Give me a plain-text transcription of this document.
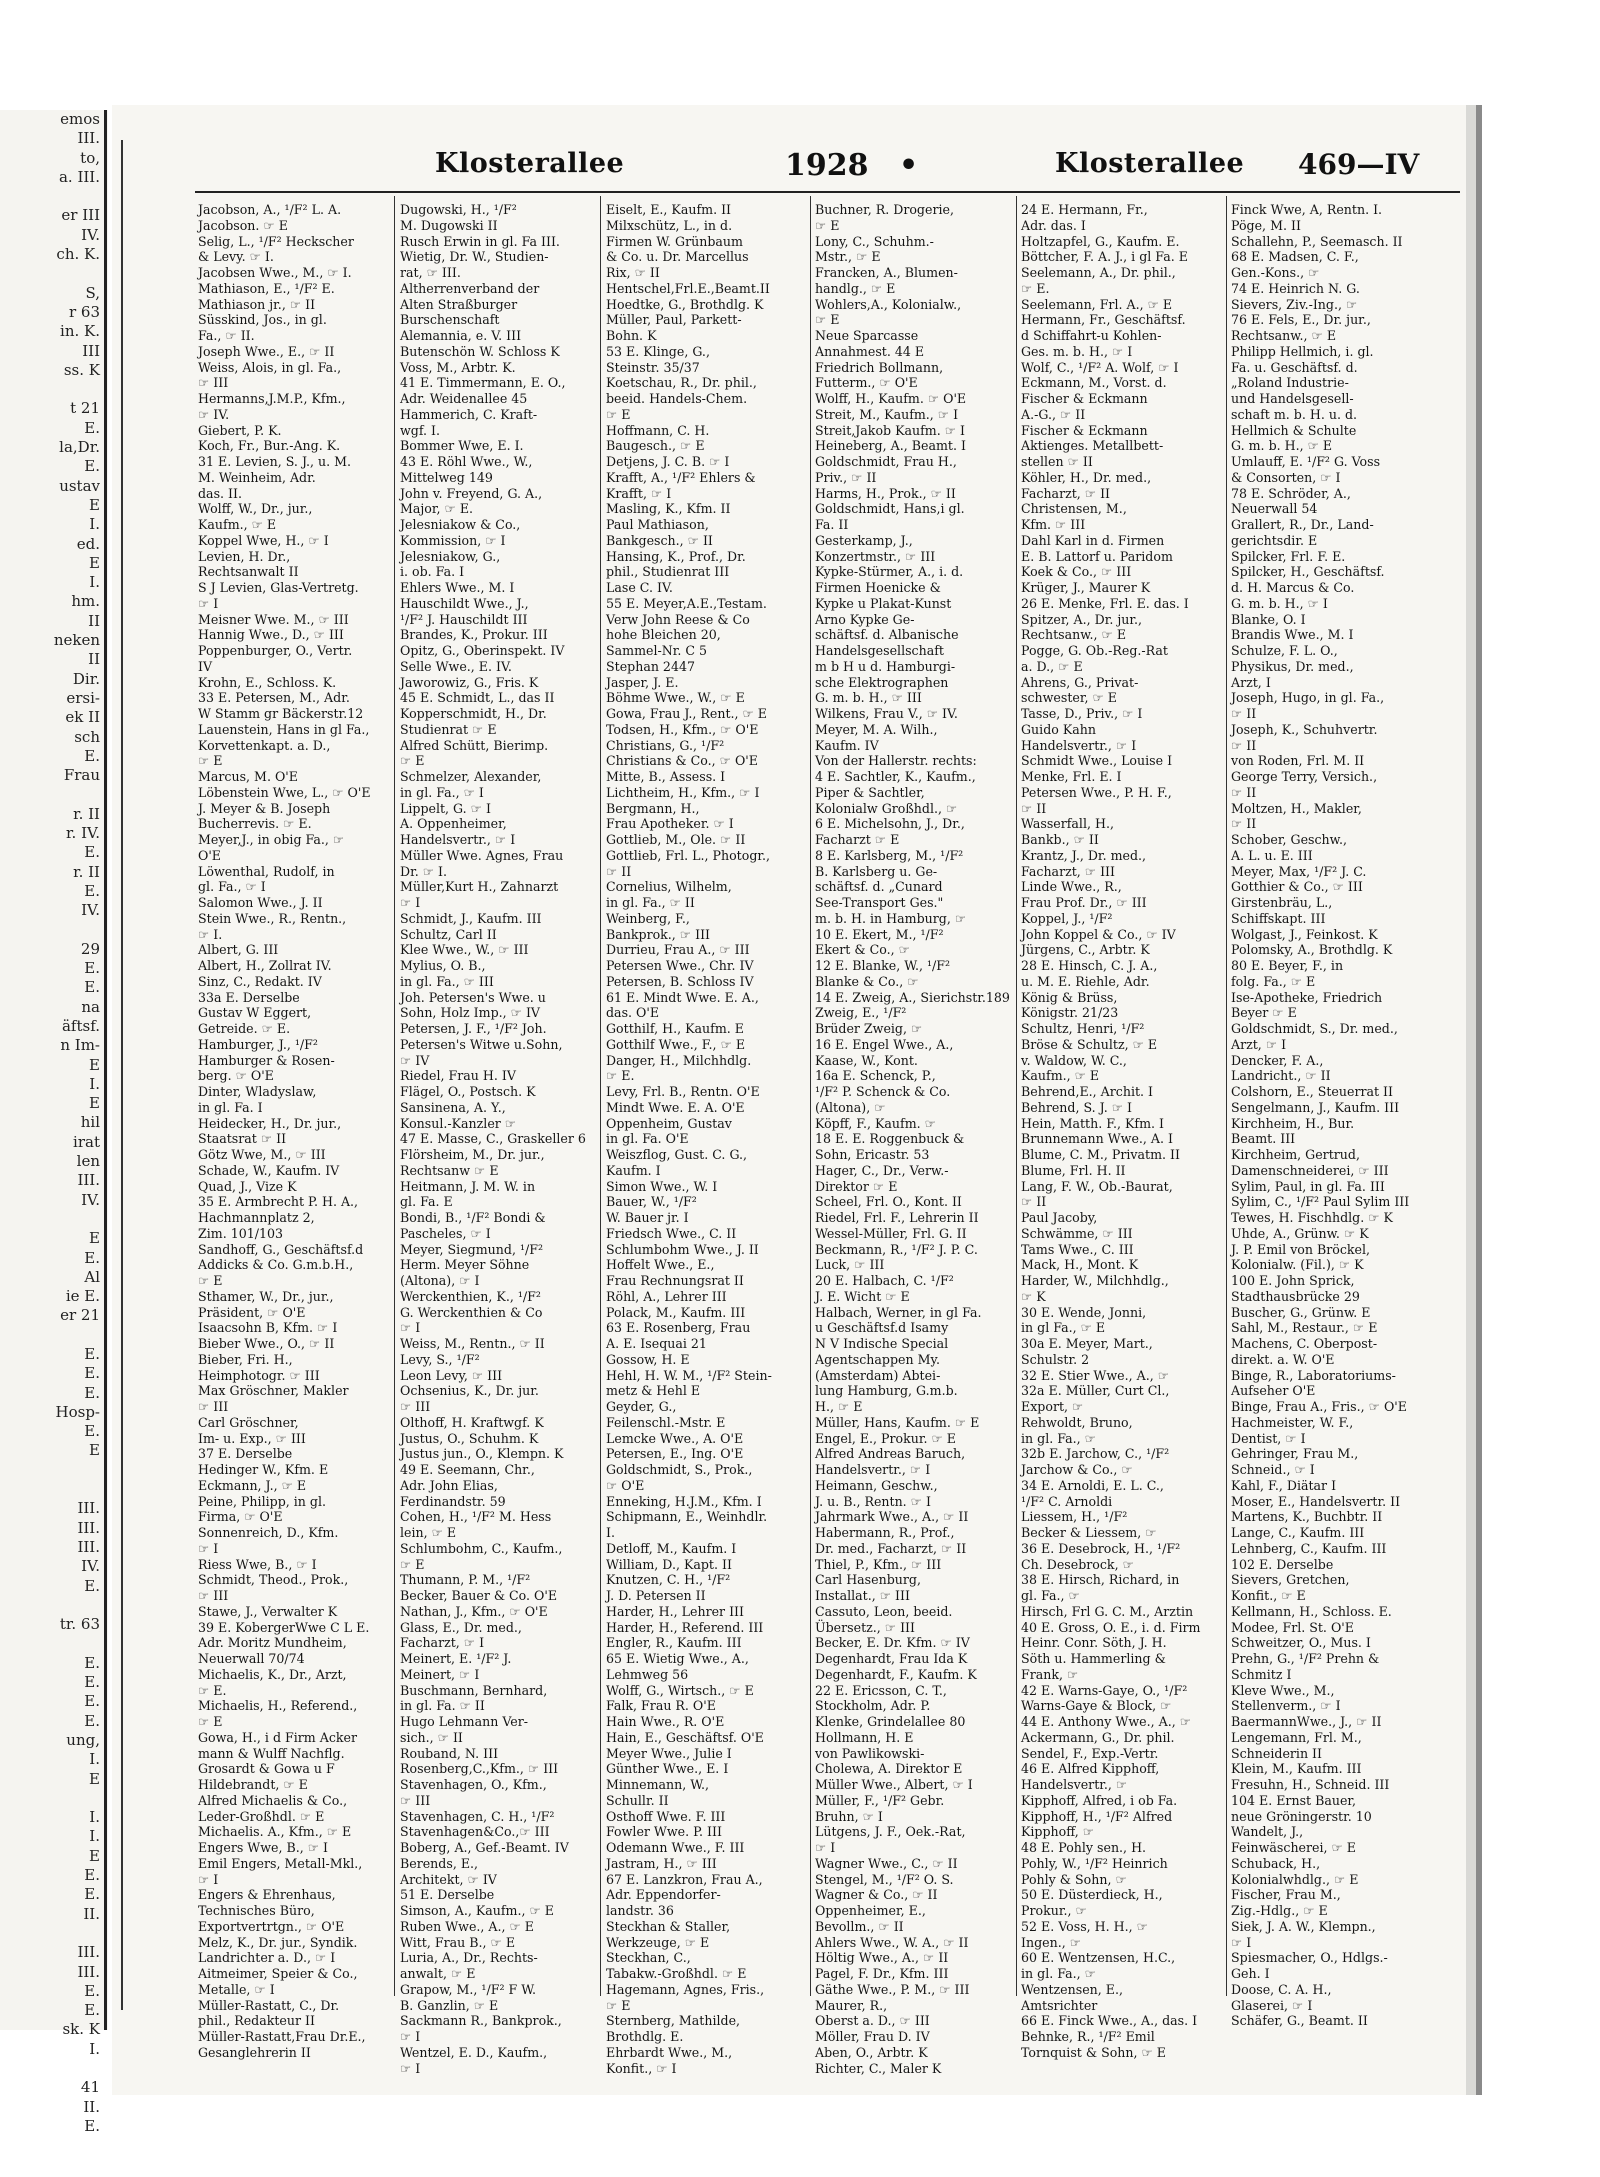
emos
III.
to,
a. III.

er III
IV.
ch. K.

S,
r 63
in. K.
III
ss. K

t 21
E.
la,Dr.
E.
ustav
E
I.
ed.
E
I.
hm.
II
neken
II
Dir.
ersi-
ek II
sch
E.
Frau

r. II
r. IV.
E.
r. II
E.
IV.

29
E.
E.
na
äftsf.
n Im-
E
I.
E
hil
irat
len
III.
IV.

E
E.
Al
ie E.
er 21

E.
E.
E.
Hosp-
E.
E

III.
III.
III.
IV.
E.

tr. 63

E.
E.
E.
E.
ung,
I.
E

I.
I.
E
E.
E.
II.

III.
III.
E.
E.
sk. K
I.

41
II.
E.
Klosterallee	1928 •	Klosterallee 469—IV
Jacobson, A., ¹/F² L. A.
Jacobson. ☞ E
Selig, L., ¹/F² Heckscher
& Levy. ☞ I.
Jacobsen Wwe., M., ☞ I.
Mathiason, E., ¹/F² E.
Mathiason jr., ☞ II
Süsskind, Jos., in gl.
Fa., ☞ II.
Joseph Wwe., E., ☞ II
Weiss, Alois, in gl. Fa.,
☞ III
Hermanns,J.M.P., Kfm.,
☞ IV.
Giebert, P. K.
Koch, Fr., Bur.-Ang. K.
31 E. Levien, S. J., u. M.
M. Weinheim, Adr.
das. II.
Wolff, W., Dr., jur.,
Kaufm., ☞ E
Koppel Wwe, H., ☞ I
Levien, H. Dr.,
Rechtsanwalt II
S J Levien, Glas-Vertretg.
☞ I
Meisner Wwe. M., ☞ III
Hannig Wwe., D., ☞ III
Poppenburger, O., Vertr.
IV
Krohn, E., Schloss. K.
33 E. Petersen, M., Adr.
W Stamm gr Bäckerstr.12
Lauenstein, Hans in gl Fa.,
Korvettenkapt. a. D.,
☞ E
Marcus, M. O'E
Löbenstein Wwe, L., ☞ O'E
J. Meyer & B. Joseph
Bucherrevis. ☞ E.
Meyer,J., in obig Fa., ☞
O'E
Löwenthal, Rudolf, in
gl. Fa., ☞ I
Salomon Wwe., J. II
Stein Wwe., R., Rentn.,
☞ I.
Albert, G. III
Albert, H., Zollrat IV.
Sinz, C., Redakt. IV
33a E. Derselbe
Gustav W Eggert,
Getreide. ☞ E.
Hamburger, J., ¹/F²
Hamburger & Rosen-
berg. ☞ O'E
Dinter, Wladyslaw,
in gl. Fa. I
Heidecker, H., Dr. jur.,
Staatsrat ☞ II
Götz Wwe, M., ☞ III
Schade, W., Kaufm. IV
Quad, J., Vize K
35 E. Armbrecht P. H. A.,
Hachmannplatz 2,
Zim. 101/103
Sandhoff, G., Geschäftsf.d
Addicks & Co. G.m.b.H.,
☞ E
Sthamer, W., Dr., jur.,
Präsident, ☞ O'E
Isaacsohn B, Kfm. ☞ I
Bieber Wwe., O., ☞ II
Bieber, Fri. H.,
Heimphotogr. ☞ III
Max Gröschner, Makler
☞ III
Carl Gröschner,
Im- u. Exp., ☞ III
37 E. Derselbe
Hedinger W., Kfm. E
Eckmann, J., ☞ E
Peine, Philipp, in gl.
Firma, ☞ O'E
Sonnenreich, D., Kfm.
☞ I
Riess Wwe, B., ☞ I
Schmidt, Theod., Prok.,
☞ III
Stawe, J., Verwalter K
39 E. KobergerWwe C L E.
Adr. Moritz Mundheim,
Neuerwall 70/74
Michaelis, K., Dr., Arzt,
☞ E.
Michaelis, H., Referend.,
☞ E
Gowa, H., i d Firm Acker
mann & Wulff Nachflg.
Grosardt & Gowa u F
Hildebrandt, ☞ E
Alfred Michaelis & Co.,
Leder-Großhdl. ☞ E
Michaelis. A., Kfm., ☞ E
Engers Wwe, B., ☞ I
Emil Engers, Metall-Mkl.,
☞ I
Engers & Ehrenhaus,
Technisches Büro,
Exportvertrtgn., ☞ O'E
Melz, K., Dr. jur., Syndik.
Landrichter a. D., ☞ I
Aitmeimer, Speier & Co.,
Metalle, ☞ I
Müller-Rastatt, C., Dr.
phil., Redakteur II
Müller-Rastatt,Frau Dr.E.,
Gesanglehrerin II
Dugowski, H., ¹/F²
M. Dugowski II
Rusch Erwin in gl. Fa III.
Wietig, Dr. W., Studien-
rat, ☞ III.
Altherrenverband der
Alten Straßburger
Burschenschaft
Alemannia, e. V. III
Butenschön W. Schloss K
Voss, M., Arbtr. K.
41 E. Timmermann, E. O.,
Adr. Weidenallee 45
Hammerich, C. Kraft-
wgf. I.
Bommer Wwe, E. I.
43 E. Röhl Wwe., W.,
Mittelweg 149
John v. Freyend, G. A.,
Major, ☞ E.
Jelesniakow & Co.,
Kommission, ☞ I
Jelesniakow, G.,
i. ob. Fa. I
Ehlers Wwe., M. I
Hauschildt Wwe., J.,
¹/F² J. Hauschildt III
Brandes, K., Prokur. III
Opitz, G., Oberinspekt. IV
Selle Wwe., E. IV.
Jaworowiz, G., Fris. K
45 E. Schmidt, L., das II
Kopperschmidt, H., Dr.
Studienrat ☞ E
Alfred Schütt, Bierimp.
☞ E
Schmelzer, Alexander,
in gl. Fa., ☞ I
Lippelt, G. ☞ I
A. Oppenheimer,
Handelsvertr., ☞ I
Müller Wwe. Agnes, Frau
Dr. ☞ I.
Müller,Kurt H., Zahnarzt
☞ I
Schmidt, J., Kaufm. III
Schultz, Carl II
Klee Wwe., W., ☞ III
Mylius, O. B.,
in gl. Fa., ☞ III
Joh. Petersen's Wwe. u
Sohn, Holz Imp., ☞ IV
Petersen, J. F., ¹/F² Joh.
Petersen's Witwe u.Sohn,
☞ IV
Riedel, Frau H. IV
Flägel, O., Postsch. K
Sansinena, A. Y.,
Konsul.-Kanzler ☞
47 E. Masse, C., Graskeller 6
Flörsheim, M., Dr. jur.,
Rechtsanw ☞ E
Heitmann, J. M. W. in
gl. Fa. E
Bondi, B., ¹/F² Bondi &
Pascheles, ☞ I
Meyer, Siegmund, ¹/F²
Herm. Meyer Söhne
(Altona), ☞ I
Werckenthien, K., ¹/F²
G. Werckenthien & Co
☞ I
Weiss, M., Rentn., ☞ II
Levy, S., ¹/F²
Leon Levy, ☞ III
Ochsenius, K., Dr. jur.
☞ III
Olthoff, H. Kraftwgf. K
Justus, O., Schuhm. K
Justus jun., O., Klempn. K
49 E. Seemann, Chr.,
Adr. John Elias,
Ferdinandstr. 59
Cohen, H., ¹/F² M. Hess
lein, ☞ E
Schlumbohm, C., Kaufm.,
☞ E
Thumann, P. M., ¹/F²
Becker, Bauer & Co. O'E
Nathan, J., Kfm., ☞ O'E
Glass, E., Dr. med.,
Facharzt, ☞ I
Meinert, E. ¹/F² J.
Meinert, ☞ I
Buschmann, Bernhard,
in gl. Fa. ☞ II
Hugo Lehmann Ver-
sich., ☞ II
Rouband, N. III
Rosenberg,C.,Kfm., ☞ III
Stavenhagen, O., Kfm.,
☞ III
Stavenhagen, C. H., ¹/F²
Stavenhagen&Co.,☞ III
Boberg, A., Gef.-Beamt. IV
Berends, E.,
Architekt, ☞ IV
51 E. Derselbe
Simson, A., Kaufm., ☞ E
Ruben Wwe., A., ☞ E
Witt, Frau B., ☞ E
Luria, A., Dr., Rechts-
anwalt, ☞ E
Grapow, M., ¹/F² F W.
B. Ganzlin, ☞ E
Sackmann R., Bankprok.,
☞ I
Wentzel, E. D., Kaufm.,
☞ I
Eiselt, E., Kaufm. II
Milxschütz, L., in d.
Firmen W. Grünbaum
& Co. u. Dr. Marcellus
Rix, ☞ II
Hentschel,Frl.E.,Beamt.II
Hoedtke, G., Brothdlg. K
Müller, Paul, Parkett-
Bohn. K
53 E. Klinge, G.,
Steinstr. 35/37
Koetschau, R., Dr. phil.,
beeid. Handels-Chem.
☞ E
Hoffmann, C. H.
Baugesch., ☞ E
Detjens, J. C. B. ☞ I
Krafft, A., ¹/F² Ehlers &
Krafft, ☞ I
Masling, K., Kfm. II
Paul Mathiason,
Bankgesch., ☞ II
Hansing, K., Prof., Dr.
phil., Studienrat III
Lase C. IV.
55 E. Meyer,A.E.,Testam.
Verw John Reese & Co
hohe Bleichen 20,
Sammel-Nr. C 5
Stephan 2447
Jasper, J. E.
Böhme Wwe., W., ☞ E
Gowa, Frau J., Rent., ☞ E
Todsen, H., Kfm., ☞ O'E
Christians, G., ¹/F²
Christians & Co., ☞ O'E
Mitte, B., Assess. I
Lichtheim, H., Kfm., ☞ I
Bergmann, H.,
Frau Apotheker. ☞ I
Gottlieb, M., Ole. ☞ II
Gottlieb, Frl. L., Photogr.,
☞ II
Cornelius, Wilhelm,
in gl. Fa., ☞ II
Weinberg, F.,
Bankprok., ☞ III
Durrieu, Frau A., ☞ III
Petersen Wwe., Chr. IV
Petersen, B. Schloss IV
61 E. Mindt Wwe. E. A.,
das. O'E
Gotthilf, H., Kaufm. E
Gotthilf Wwe., F., ☞ E
Danger, H., Milchhdlg.
☞ E.
Levy, Frl. B., Rentn. O'E
Mindt Wwe. E. A. O'E
Oppenheim, Gustav
in gl. Fa. O'E
Weiszflog, Gust. C. G.,
Kaufm. I
Simon Wwe., W. I
Bauer, W., ¹/F²
W. Bauer jr. I
Friedsch Wwe., C. II
Schlumbohm Wwe., J. II
Hoffelt Wwe., E.,
Frau Rechnungsrat II
Röhl, A., Lehrer III
Polack, M., Kaufm. III
63 E. Rosenberg, Frau
A. E. Isequai 21
Gossow, H. E
Hehl, H. W. M., ¹/F² Stein-
metz & Hehl E
Geyder, G.,
Feilenschl.-Mstr. E
Lemcke Wwe., A. O'E
Petersen, E., Ing. O'E
Goldschmidt, S., Prok.,
☞ O'E
Enneking, H.J.M., Kfm. I
Schipmann, E., Weinhdlr.
I.
Detloff, M., Kaufm. I
William, D., Kapt. II
Knutzen, C. H., ¹/F²
J. D. Petersen II
Harder, H., Lehrer III
Harder, H., Referend. III
Engler, R., Kaufm. III
65 E. Wietig Wwe., A.,
Lehmweg 56
Wolff, G., Wirtsch., ☞ E
Falk, Frau R. O'E
Hain Wwe., R. O'E
Hain, E., Geschäftsf. O'E
Meyer Wwe., Julie I
Günther Wwe., E. I
Minnemann, W.,
Schullr. II
Osthoff Wwe. F. III
Fowler Wwe. P. III
Odemann Wwe., F. III
Jastram, H., ☞ III
67 E. Lanzkron, Frau A.,
Adr. Eppendorfer-
landstr. 36
Steckhan & Staller,
Werkzeuge, ☞ E
Steckhan, C.,
Tabakw.-Großhdl. ☞ E
Hagemann, Agnes, Fris.,
☞ E
Sternberg, Mathilde,
Brothdlg. E.
Ehrbardt Wwe., M.,
Konfit., ☞ I
Buchner, R. Drogerie,
☞ E
Lony, C., Schuhm.-
Mstr., ☞ E
Francken, A., Blumen-
handlg., ☞ E
Wohlers,A., Kolonialw.,
☞ E
Neue Sparcasse
Annahmest. 44 E
Friedrich Bollmann,
Futterm., ☞ O'E
Wolff, H., Kaufm. ☞ O'E
Streit, M., Kaufm., ☞ I
Streit,Jakob Kaufm. ☞ I
Heineberg, A., Beamt. I
Goldschmidt, Frau H.,
Priv., ☞ II
Harms, H., Prok., ☞ II
Goldschmidt, Hans,i gl.
Fa. II
Gesterkamp, J.,
Konzertmstr., ☞ III
Kypke-Stürmer, A., i. d.
Firmen Hoenicke &
Kypke u Plakat-Kunst
Arno Kypke Ge-
schäftsf. d. Albanische
Handelsgesellschaft
m b H u d. Hamburgi-
sche Elektrographen
G. m. b. H., ☞ III
Wilkens, Frau V., ☞ IV.
Meyer, M. A. Wilh.,
Kaufm. IV
Von der Hallerstr. rechts:
4 E. Sachtler, K., Kaufm.,
Piper & Sachtler,
Kolonialw Großhdl., ☞
6 E. Michelsohn, J., Dr.,
Facharzt ☞ E
8 E. Karlsberg, M., ¹/F²
B. Karlsberg u. Ge-
schäftsf. d. „Cunard
See-Transport Ges."
m. b. H. in Hamburg, ☞
10 E. Ekert, M., ¹/F²
Ekert & Co., ☞
12 E. Blanke, W., ¹/F²
Blanke & Co., ☞
14 E. Zweig, A., Sierichstr.189
Zweig, E., ¹/F²
Brüder Zweig, ☞
16 E. Engel Wwe., A.,
Kaase, W., Kont.
16a E. Schenck, P.,
¹/F² P. Schenck & Co.
(Altona), ☞
Köpff, F., Kaufm. ☞
18 E. E. Roggenbuck &
Sohn, Ericastr. 53
Hager, C., Dr., Verw.-
Direktor ☞ E
Scheel, Frl. O., Kont. II
Riedel, Frl. F., Lehrerin II
Wessel-Müller, Frl. G. II
Beckmann, R., ¹/F² J. P. C.
Luck, ☞ III
20 E. Halbach, C. ¹/F²
J. E. Wicht ☞ E
Halbach, Werner, in gl Fa.
u Geschäftsf.d Isamy
N V Indische Special
Agentschappen My.
(Amsterdam) Abtei-
lung Hamburg, G.m.b.
H., ☞ E
Müller, Hans, Kaufm. ☞ E
Engel, E., Prokur. ☞ E
Alfred Andreas Baruch,
Handelsvertr., ☞ I
Heimann, Geschw.,
J. u. B., Rentn. ☞ I
Jahrmark Wwe., A., ☞ II
Habermann, R., Prof.,
Dr. med., Facharzt, ☞ II
Thiel, P., Kfm., ☞ III
Carl Hasenburg,
Installat., ☞ III
Cassuto, Leon, beeid.
Übersetz., ☞ III
Becker, E. Dr. Kfm. ☞ IV
Degenhardt, Frau Ida K
Degenhardt, F., Kaufm. K
22 E. Ericsson, C. T.,
Stockholm, Adr. P.
Klenke, Grindelallee 80
Hollmann, H. E
von Pawlikowski-
Cholewa, A. Direktor E
Müller Wwe., Albert, ☞ I
Müller, F., ¹/F² Gebr.
Bruhn, ☞ I
Lütgens, J. F., Oek.-Rat,
☞ I
Wagner Wwe., C., ☞ II
Stengel, M., ¹/F² O. S.
Wagner & Co., ☞ II
Oppenheimer, E.,
Bevollm., ☞ II
Ahlers Wwe., W. A., ☞ II
Höltig Wwe., A., ☞ II
Pagel, F. Dr., Kfm. III
Gäthe Wwe., P. M., ☞ III
Maurer, R.,
Oberst a. D., ☞ III
Möller, Frau D. IV
Aben, O., Arbtr. K
Richter, C., Maler K
24 E. Hermann, Fr.,
Adr. das. I
Holtzapfel, G., Kaufm. E.
Böttcher, F. A. J., i gl Fa. E
Seelemann, A., Dr. phil.,
☞ E.
Seelemann, Frl. A., ☞ E
Hermann, Fr., Geschäftsf.
d Schiffahrt-u Kohlen-
Ges. m. b. H., ☞ I
Wolf, C., ¹/F² A. Wolf, ☞ I
Eckmann, M., Vorst. d.
Fischer & Eckmann
A.-G., ☞ II
Fischer & Eckmann
Aktienges. Metallbett-
stellen ☞ II
Köhler, H., Dr. med.,
Facharzt, ☞ II
Christensen, M.,
Kfm. ☞ III
Dahl Karl in d. Firmen
E. B. Lattorf u. Paridom
Koek & Co., ☞ III
Krüger, J., Maurer K
26 E. Menke, Frl. E. das. I
Spitzer, A., Dr. jur.,
Rechtsanw., ☞ E
Pogge, G. Ob.-Reg.-Rat
a. D., ☞ E
Ahrens, G., Privat-
schwester, ☞ E
Tasse, D., Priv., ☞ I
Guido Kahn
Handelsvertr., ☞ I
Schmidt Wwe., Louise I
Menke, Frl. E. I
Petersen Wwe., P. H. F.,
☞ II
Wasserfall, H.,
Bankb., ☞ II
Krantz, J., Dr. med.,
Facharzt, ☞ III
Linde Wwe., R.,
Frau Prof. Dr., ☞ III
Koppel, J., ¹/F²
John Koppel & Co., ☞ IV
Jürgens, C., Arbtr. K
28 E. Hinsch, C. J. A.,
u. M. E. Riehle, Adr.
König & Brüss,
Königstr. 21/23
Schultz, Henri, ¹/F²
Bröse & Schultz, ☞ E
v. Waldow, W. C.,
Kaufm., ☞ E
Behrend,E., Archit. I
Behrend, S. J. ☞ I
Hein, Matth. F., Kfm. I
Brunnemann Wwe., A. I
Blume, C. M., Privatm. II
Blume, Frl. H. II
Lang, F. W., Ob.-Baurat,
☞ II
Paul Jacoby,
Schwämme, ☞ III
Tams Wwe., C. III
Mack, H., Mont. K
Harder, W., Milchhdlg.,
☞ K
30 E. Wende, Jonni,
in gl Fa., ☞ E
30a E. Meyer, Mart.,
Schulstr. 2
32 E. Stier Wwe., A., ☞
32a E. Müller, Curt Cl.,
Export, ☞
Rehwoldt, Bruno,
in gl. Fa., ☞
32b E. Jarchow, C., ¹/F²
Jarchow & Co., ☞
34 E. Arnoldi, E. L. C.,
¹/F² C. Arnoldi
Liessem, H., ¹/F²
Becker & Liessem, ☞
36 E. Desebrock, H., ¹/F²
Ch. Desebrock, ☞
38 E. Hirsch, Richard, in
gl. Fa., ☞
Hirsch, Frl G. C. M., Arztin
40 E. Gross, O. E., i. d. Firm
Heinr. Conr. Söth, J. H.
Söth u. Hammerling &
Frank, ☞
42 E. Warns-Gaye, O., ¹/F²
Warns-Gaye & Block, ☞
44 E. Anthony Wwe., A., ☞
Ackermann, G., Dr. phil.
Sendel, F., Exp.-Vertr.
46 E. Alfred Kipphoff,
Handelsvertr., ☞
Kipphoff, Alfred, i ob Fa.
Kipphoff, H., ¹/F² Alfred
Kipphoff, ☞
48 E. Pohly sen., H.
Pohly, W., ¹/F² Heinrich
Pohly & Sohn, ☞
50 E. Düsterdieck, H.,
Prokur., ☞
52 E. Voss, H. H., ☞
Ingen., ☞
60 E. Wentzensen, H.C.,
in gl. Fa., ☞
Wentzensen, E.,
Amtsrichter
66 E. Finck Wwe., A., das. I
Behnke, R., ¹/F² Emil
Tornquist & Sohn, ☞ E
Finck Wwe, A, Rentn. I.
Pöge, M. II
Schallehn, P., Seemasch. II
68 E. Madsen, C. F.,
Gen.-Kons., ☞
74 E. Heinrich N. G.
Sievers, Ziv.-Ing., ☞
76 E. Fels, E., Dr. jur.,
Rechtsanw., ☞ E
Philipp Hellmich, i. gl.
Fa. u. Geschäftsf. d.
„Roland Industrie-
und Handelsgesell-
schaft m. b. H. u. d.
Hellmich & Schulte
G. m. b. H., ☞ E
Umlauff, E. ¹/F² G. Voss
& Consorten, ☞ I
78 E. Schröder, A.,
Neuerwall 54
Grallert, R., Dr., Land-
gerichtsdir. E
Spilcker, Frl. F. E.
Spilcker, H., Geschäftsf.
d. H. Marcus & Co.
G. m. b. H., ☞ I
Blanke, O. I
Brandis Wwe., M. I
Schulze, F. L. O.,
Physikus, Dr. med.,
Arzt, I
Joseph, Hugo, in gl. Fa.,
☞ II
Joseph, K., Schuhvertr.
☞ II
von Roden, Frl. M. II
George Terry, Versich.,
☞ II
Moltzen, H., Makler,
☞ II
Schober, Geschw.,
A. L. u. E. III
Meyer, Max, ¹/F² J. C.
Gotthier & Co., ☞ III
Girstenbräu, L.,
Schiffskapt. III
Wolgast, J., Feinkost. K
Polomsky, A., Brothdlg. K
80 E. Beyer, F., in
folg. Fa., ☞ E
Ise-Apotheke, Friedrich
Beyer ☞ E
Goldschmidt, S., Dr. med.,
Arzt, ☞ I
Dencker, F. A.,
Landricht., ☞ II
Colshorn, E., Steuerrat II
Sengelmann, J., Kaufm. III
Kirchheim, H., Bur.
Beamt. III
Kirchheim, Gertrud,
Damenschneiderei, ☞ III
Sylim, Paul, in gl. Fa. III
Sylim, C., ¹/F² Paul Sylim III
Tewes, H. Fischhdlg. ☞ K
Uhde, A., Grünw. ☞ K
J. P. Emil von Bröckel,
Kolonialw. (Fil.), ☞ K
100 E. John Sprick,
Stadthausbrücke 29
Buscher, G., Grünw. E
Sahl, M., Restaur., ☞ E
Machens, C. Oberpost-
direkt. a. W. O'E
Binge, R., Laboratoriums-
Aufseher O'E
Binge, Frau A., Fris., ☞ O'E
Hachmeister, W. F.,
Dentist, ☞ I
Gehringer, Frau M.,
Schneid., ☞ I
Kahl, F., Diätar I
Moser, E., Handelsvertr. II
Martens, K., Buchbtr. II
Lange, C., Kaufm. III
Lehnberg, C., Kaufm. III
102 E. Derselbe
Sievers, Gretchen,
Konfit., ☞ E
Kellmann, H., Schloss. E.
Modee, Frl. St. O'E
Schweitzer, O., Mus. I
Prehn, G., ¹/F² Prehn &
Schmitz I
Kleve Wwe., M.,
Stellenverm., ☞ I
BaermannWwe., J., ☞ II
Lengemann, Frl. M.,
Schneiderin II
Klein, M., Kaufm. III
Fresuhn, H., Schneid. III
104 E. Ernst Bauer,
neue Gröningerstr. 10
Wandelt, J.,
Feinwäscherei, ☞ E
Schuback, H.,
Kolonialwhdlg., ☞ E
Fischer, Frau M.,
Zig.-Hdlg., ☞ E
Siek, J. A. W., Klempn.,
☞ I
Spiesmacher, O., Hdlgs.-
Geh. I
Doose, C. A. H.,
Glaserei, ☞ I
Schäfer, G., Beamt. II
